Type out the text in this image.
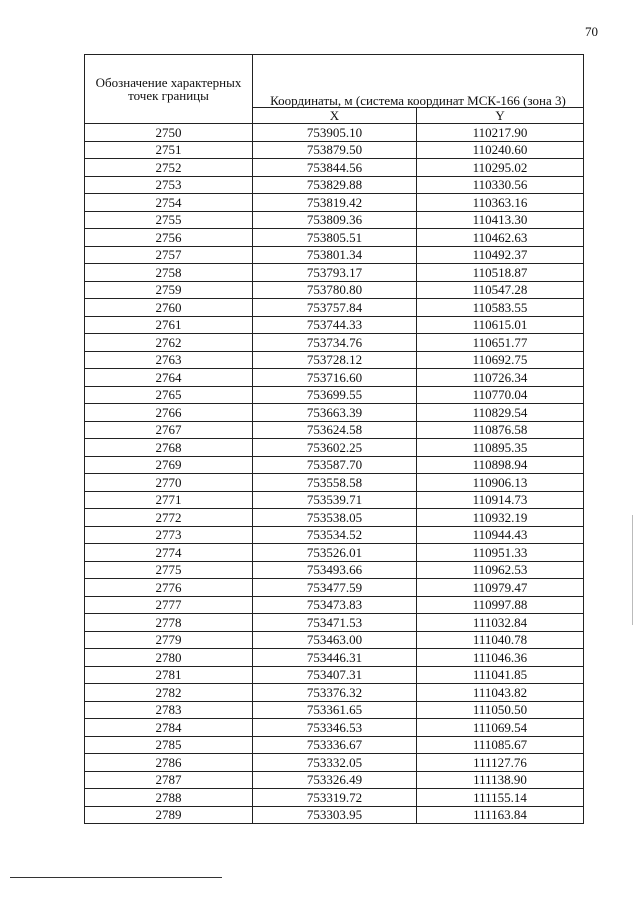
70
Обозначение характерных точек границы	Координаты, м (система координат МСК-166 (зона 3)	
	X	Y
2750	753905.10	110217.90
2751	753879.50	110240.60
2752	753844.56	110295.02
2753	753829.88	110330.56
2754	753819.42	110363.16
2755	753809.36	110413.30
2756	753805.51	110462.63
2757	753801.34	110492.37
2758	753793.17	110518.87
2759	753780.80	110547.28
2760	753757.84	110583.55
2761	753744.33	110615.01
2762	753734.76	110651.77
2763	753728.12	110692.75
2764	753716.60	110726.34
2765	753699.55	110770.04
2766	753663.39	110829.54
2767	753624.58	110876.58
2768	753602.25	110895.35
2769	753587.70	110898.94
2770	753558.58	110906.13
2771	753539.71	110914.73
2772	753538.05	110932.19
2773	753534.52	110944.43
2774	753526.01	110951.33
2775	753493.66	110962.53
2776	753477.59	110979.47
2777	753473.83	110997.88
2778	753471.53	111032.84
2779	753463.00	111040.78
2780	753446.31	111046.36
2781	753407.31	111041.85
2782	753376.32	111043.82
2783	753361.65	111050.50
2784	753346.53	111069.54
2785	753336.67	111085.67
2786	753332.05	111127.76
2787	753326.49	111138.90
2788	753319.72	111155.14
2789	753303.95	111163.84
